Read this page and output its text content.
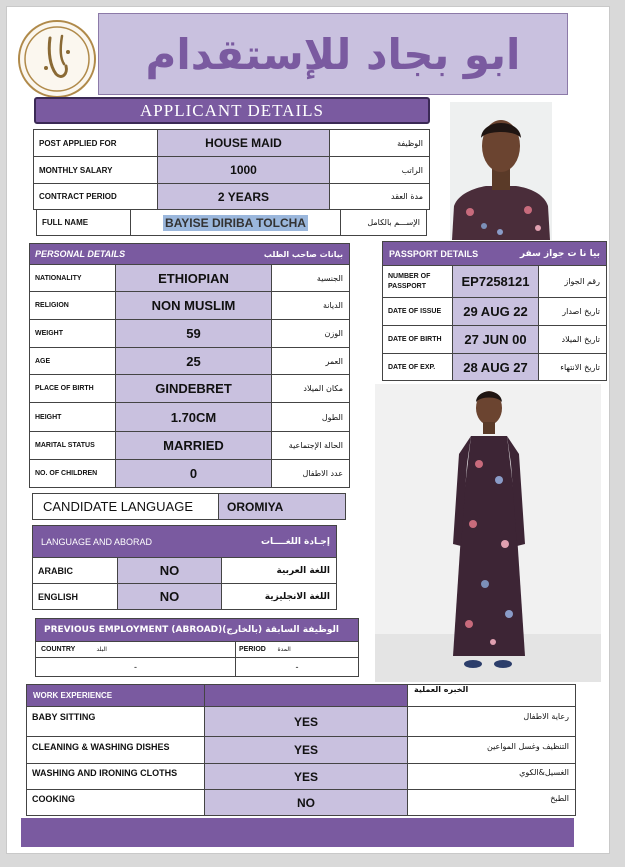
ابو بجاد للإستقدام
APPLICANT DETAILS
POST APPLIED FOR	HOUSE MAID	الوظيفة
MONTHLY SALARY	1000	الراتب
CONTRACT PERIOD	2 YEARS	مدة العقد
FULL NAME	BAYISE DIRIBA TOLCHA	الإســـم بالكامل
PERSONAL DETAILS		بيانات صاحب الطلب
NATIONALITY	ETHIOPIAN	الجنسية
RELIGION	NON MUSLIM	الديانة
WEIGHT	59	الوزن
AGE	25	العمر
PLACE OF BIRTH	GINDEBRET	مكان الميلاد
HEIGHT	1.70CM	الطول
MARITAL STATUS	MARRIED	الحالة الإجتماعية
NO. OF CHILDREN	0	عدد الاطفال
PASSPORT DETAILS		بيا نا ت جواز سفر
NUMBER OF PASSPORT	EP7258121	رقم الجواز
DATE OF ISSUE	29 AUG 22	تاريخ اصدار
DATE OF BIRTH	27 JUN 00	تاريخ الميلاد
DATE OF EXP.	28 AUG 27	تاريخ الانتهاء
CANDIDATE LANGUAGE	OROMIYA
LANGUAGE AND ABORAD		إجـادة اللغــــات
ARABIC	NO	اللغة العربية
ENGLISH	NO	اللغة الانجليزية
PREVIOUS EMPLOYMENT (ABROAD)(الوظيفة السابقة (بالخارج			
COUNTRY	البلد	PERIOD	المدة
-		-	
WORK EXPERIENCE		الخبره العملية
BABY SITTING	YES	رعاية الاطفال
CLEANING & WASHING DISHES	YES	التنظيف وغسل المواعين
WASHING AND IRONING CLOTHS	YES	الغسيل&الكوي
COOKING	NO	الطبخ
